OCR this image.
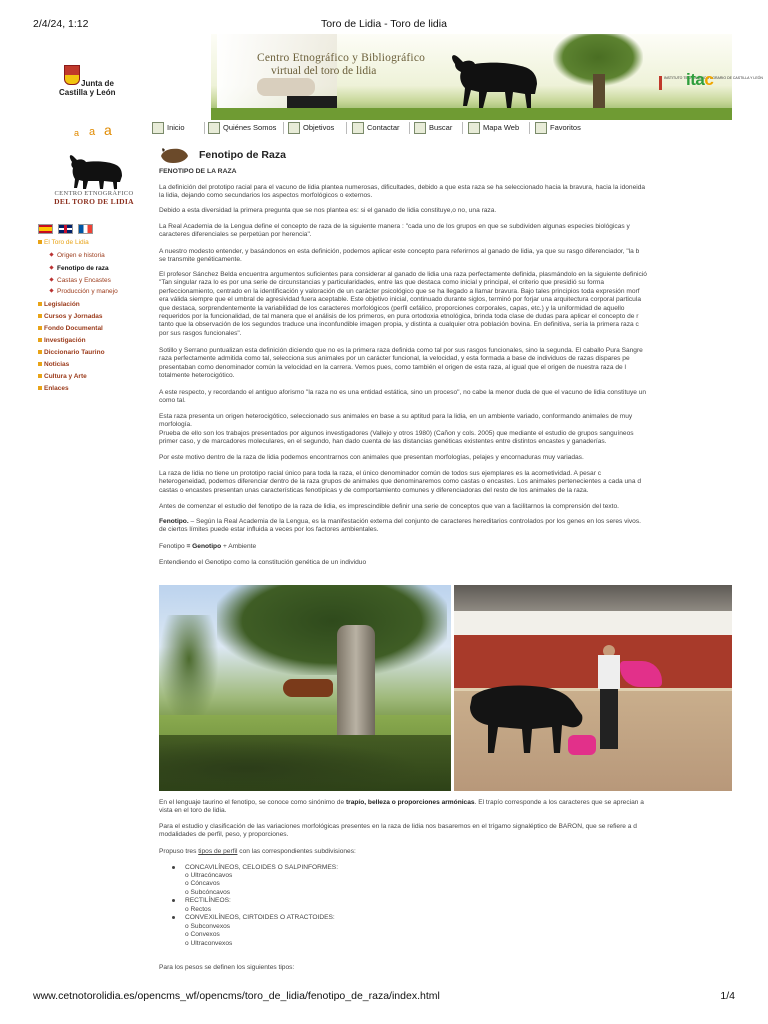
2/4/24, 1:12	Toro de Lidia - Toro de lidia
Junta de
Castilla y León
Centro Etnográfico y Bibliográfico
virtual del toro de lidia
INSTITUTO TECNOLÓGICO AGRARIO DE CASTILLA Y LEÓN
itac
a a a	Inicio	Quiénes Somos	Objetivos	Contactar	Buscar	Mapa Web	Favoritos
CENTRO ETNOGRÁFICO
DEL TORO DE LIDIA
El Toro de Lidia
Origen e historia
Fenotipo de raza
Castas y Encastes
Producción y manejo
Legislación
Cursos y Jornadas
Fondo Documental
Investigación
Diccionario Taurino
Noticias
Cultura y Arte
Enlaces
Fenotipo de Raza
FENOTIPO DE LA RAZA
La definición del prototipo racial para el vacuno de lidia plantea numerosas, dificultades, debido a que esta raza se ha seleccionado hacia la bravura, hacia la idoneida
la lidia, dejando como secundarios los aspectos morfológicos o externos.
Debido a esta diversidad la primera pregunta que se nos plantea es: si el ganado de lidia constituye,o no, una raza.
La Real Academia de la Lengua define el concepto de raza de la siguiente manera : "cada uno de los grupos en que se subdividen algunas especies biológicas y
caracteres diferenciales se perpetúan por herencia".
A nuestro modesto entender, y basándonos en esta definición, podemos aplicar este concepto para referirnos al ganado de lidia, ya que su rasgo diferenciador, "la b
se transmite genéticamente.
El profesor Sánchez Belda encuentra argumentos suficientes para considerar al ganado de lidia una raza perfectamente definida, plasmándolo en la siguiente definició
"Tan singular raza lo es por una serie de circunstancias y particularidades, entre las que destaca como inicial y principal, el criterio que presidió su forma
perfeccionamiento, centrado en la identificación y valoración de un carácter psicológico que se ha llegado a llamar bravura. Bajo tales principios toda expresión morf
era válida siempre que el umbral de agresividad fuera aceptable. Este objetivo inicial, continuado durante siglos, terminó por forjar una arquitectura corporal particula
que destaca, sorprendentemente la variabilidad de los caracteres morfológicos (perfil cefálico, proporciones corporales, capas, etc.) y la uniformidad de aquello
requeridos por la funcionalidad, de tal manera que el análisis de los primeros, en pura ortodoxia etnológica, brinda toda clase de dudas para aplicar el concepto de r
tanto que la observación de los segundos traduce una inconfundible imagen propia, y distinta a cualquier otra población bovina. En definitiva, sería la primera raza c
por sus rasgos funcionales".
Sotillo y Serrano puntualizan esta definición diciendo que no es la primera raza definida como tal por sus rasgos funcionales, sino la segunda. El caballo Pura Sangre
raza perfectamente admitida como tal, selecciona sus animales por un carácter funcional, la velocidad, y esta formada a base de individuos de razas dispares pe
presentaban como denominador común la velocidad en la carrera. Vemos pues, como también el origen de esta raza, al igual que el origen de nuestra raza de l
totalmente heterocigótico.
A este respecto, y recordando el antiguo aforismo "la raza no es una entidad estática, sino un proceso", no cabe la menor duda de que el vacuno de lidia constituye un
como tal.
Esta raza presenta un origen heterocigótico, seleccionado sus animales en base a su aptitud para la lidia, en un ambiente variado, conformando animales de muy
morfología.
Prueba de ello son los trabajos presentados por algunos investigadores (Vallejo y otros 1980) (Cañon y cols. 2005) que mediante el estudio de grupos sanguíneos
primer caso, y de marcadores moleculares, en el segundo, han dado cuenta de las distancias genéticas existentes entre distintos encastes y ganaderías.
Por este motivo dentro de la raza de lidia podemos encontrarnos con animales que presentan morfologías, pelajes y encornaduras muy variadas.
La raza de lidia no tiene un prototipo racial único para toda la raza, el único denominador común de todos sus ejemplares es la acometividad. A pesar c
heterogeneidad, podemos diferenciar dentro de la raza grupos de animales que denominaremos como castas o encastes. Los animales pertenecientes a cada una d
castas o encastes presentan unas características fenotípicas y de comportamiento comunes y diferenciadoras del resto de los animales de la raza.
Antes de comenzar el estudio del fenotipo de la raza de lidia, es imprescindible definir una serie de conceptos que van a facilitarnos la comprensión del texto.
Fenotipo. – Según la Real Academia de la Lengua, es la manifestación externa del conjunto de caracteres hereditarios controlados por los genes en los seres vivos.
de ciertos límites puede estar influida a veces por los factores ambientales.
Fenotipo = Genotipo + Ambiente
Entendiendo el Genotipo como la constitución genética de un individuo
En el lenguaje taurino el fenotipo, se conoce como sinónimo de trapío, belleza o proporciones armónicas. El trapío corresponde a los caracteres que se aprecian a
vista en el toro de lidia.
Para el estudio y clasificación de las variaciones morfológicas presentes en la raza de lidia nos basaremos en el trígamo signaléptico de BARON, que se refiere a d
modalidades de perfil, peso, y proporciones.
Propuso tres tipos de perfil con las correspondientes subdivisiones:
Para los pesos se definen los siguientes tipos:
CONCAVILÍNEOS, CELOIDES O SALPINFORMES:
o Ultracóncavos
o Cóncavos
o Subcóncavos
RECTILÍNEOS:
o Rectos
CONVEXILÍNEOS, CIRTOIDES O ATRACTOIDES:
o Subconvexos
o Convexos
o Ultraconvexos
www.cetnotorolidia.es/opencms_wf/opencms/toro_de_lidia/fenotipo_de_raza/index.html	1/4
